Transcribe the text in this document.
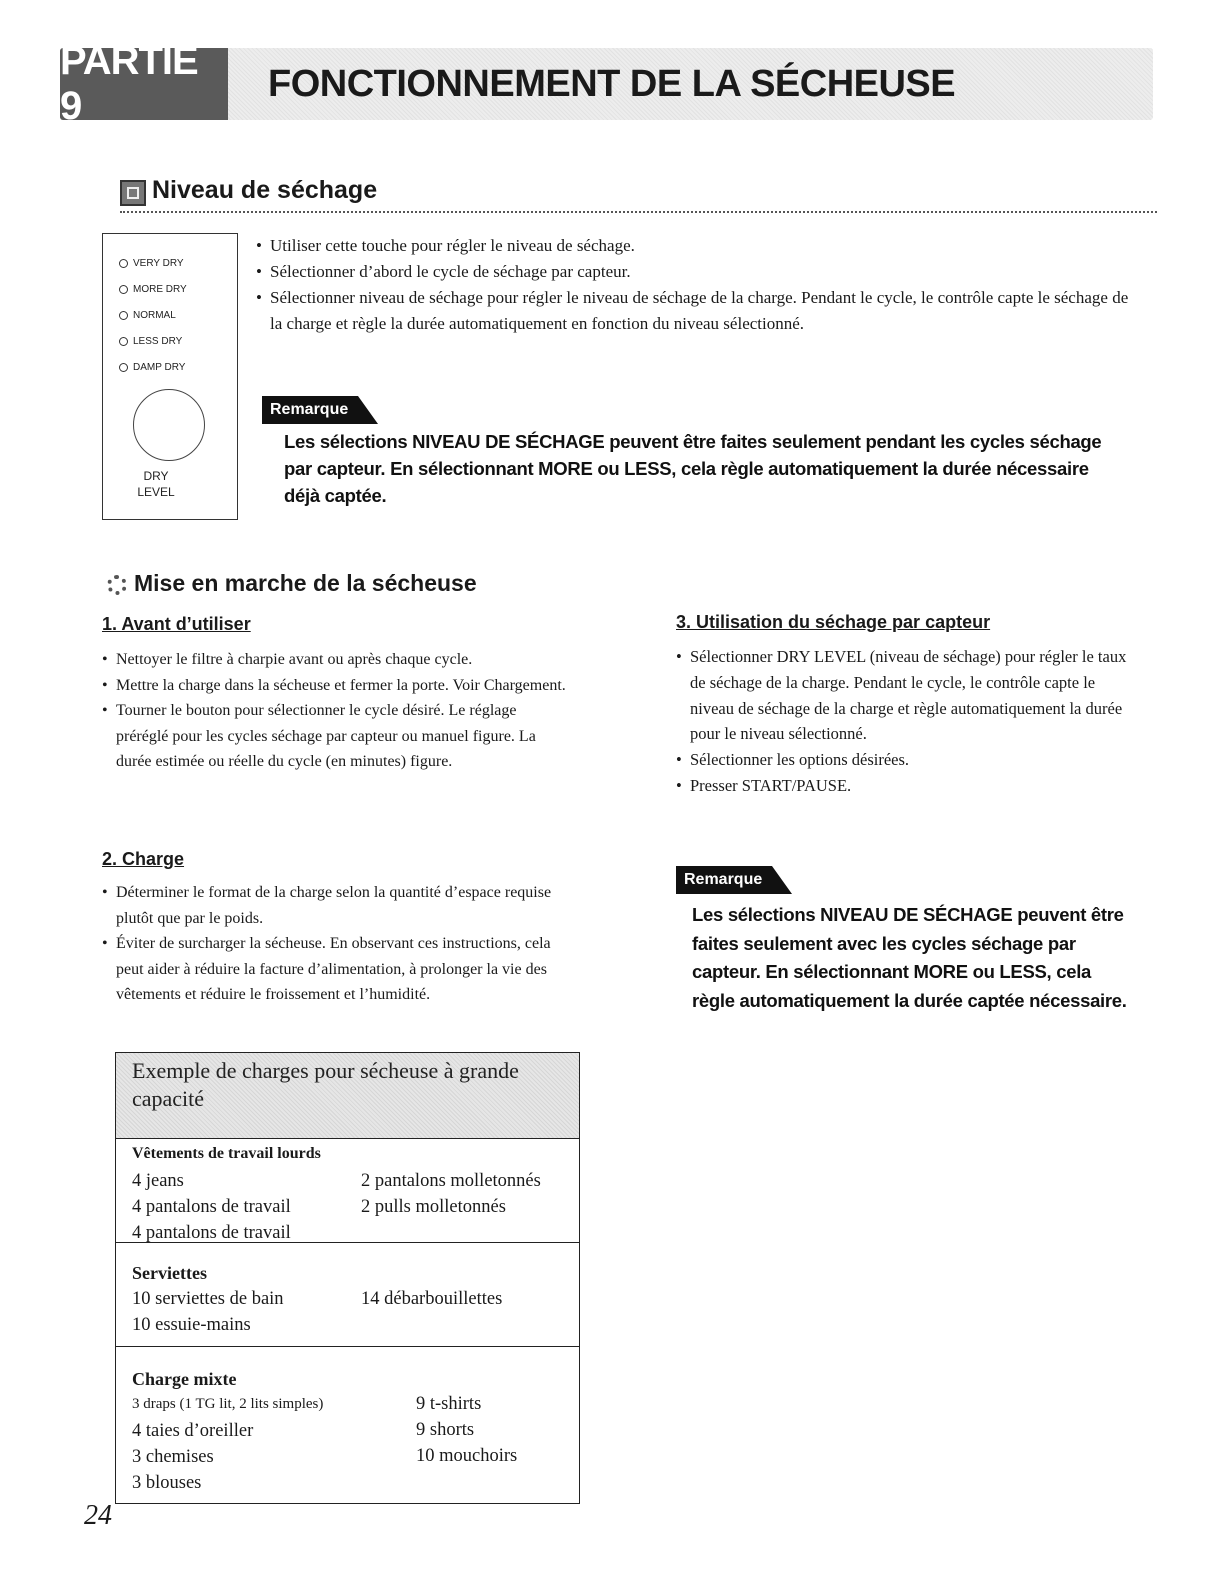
PARTIE 9
FONCTIONNEMENT DE LA SÉCHEUSE
Niveau de séchage
VERY DRY
MORE DRY
NORMAL
LESS DRY
DAMP DRY
DRY
LEVEL
• Utiliser cette touche pour régler le niveau de séchage.
• Sélectionner d’abord le cycle de séchage par capteur.
• Sélectionner niveau de séchage pour régler le niveau de séchage de la charge. Pendant le cycle, le contrôle capte le séchage de la charge et règle la durée automatiquement en fonction du niveau sélectionné.
Remarque
Les sélections NIVEAU DE SÉCHAGE peuvent être faites seulement pendant les cycles séchage par capteur. En sélectionnant MORE ou LESS, cela règle automatiquement la durée nécessaire déjà captée.
Mise en marche de la sécheuse
1. Avant d’utiliser
• Nettoyer le filtre à charpie avant ou après chaque cycle.
• Mettre la charge dans la sécheuse et fermer la porte. Voir Chargement.
• Tourner le bouton pour sélectionner le cycle désiré. Le réglage préréglé pour les cycles séchage par capteur ou manuel figure. La durée estimée ou réelle du cycle (en minutes) figure.
2. Charge
• Déterminer le format de la charge selon la quantité d’espace requise plutôt que par le poids.
• Éviter de surcharger la sécheuse. En observant ces instructions, cela peut aider à réduire la facture d’alimentation, à prolonger la vie des vêtements et réduire le froissement et l’humidité.
3. Utilisation du séchage par capteur
• Sélectionner DRY LEVEL (niveau de séchage) pour régler le taux de séchage de la charge. Pendant le cycle, le contrôle capte le niveau de séchage de la charge et règle automatiquement la durée pour le niveau sélectionné.
• Sélectionner les options désirées.
• Presser START/PAUSE.
Remarque
Les sélections NIVEAU DE SÉCHAGE peuvent être faites seulement avec les cycles séchage par capteur. En sélectionnant MORE ou LESS, cela règle automatiquement la durée captée nécessaire.
Exemple de charges pour sécheuse à grande capacité
Vêtements de travail lourds
4 jeans
4 pantalons de travail
4 pantalons de travail
2 pantalons molletonnés
2 pulls molletonnés
Serviettes
10 serviettes de bain
10 essuie-mains
14 débarbouillettes
Charge mixte
3 draps (1 TG lit, 2 lits simples)
4 taies d’oreiller
3 chemises
3 blouses
9 t-shirts
9 shorts
10 mouchoirs
24
